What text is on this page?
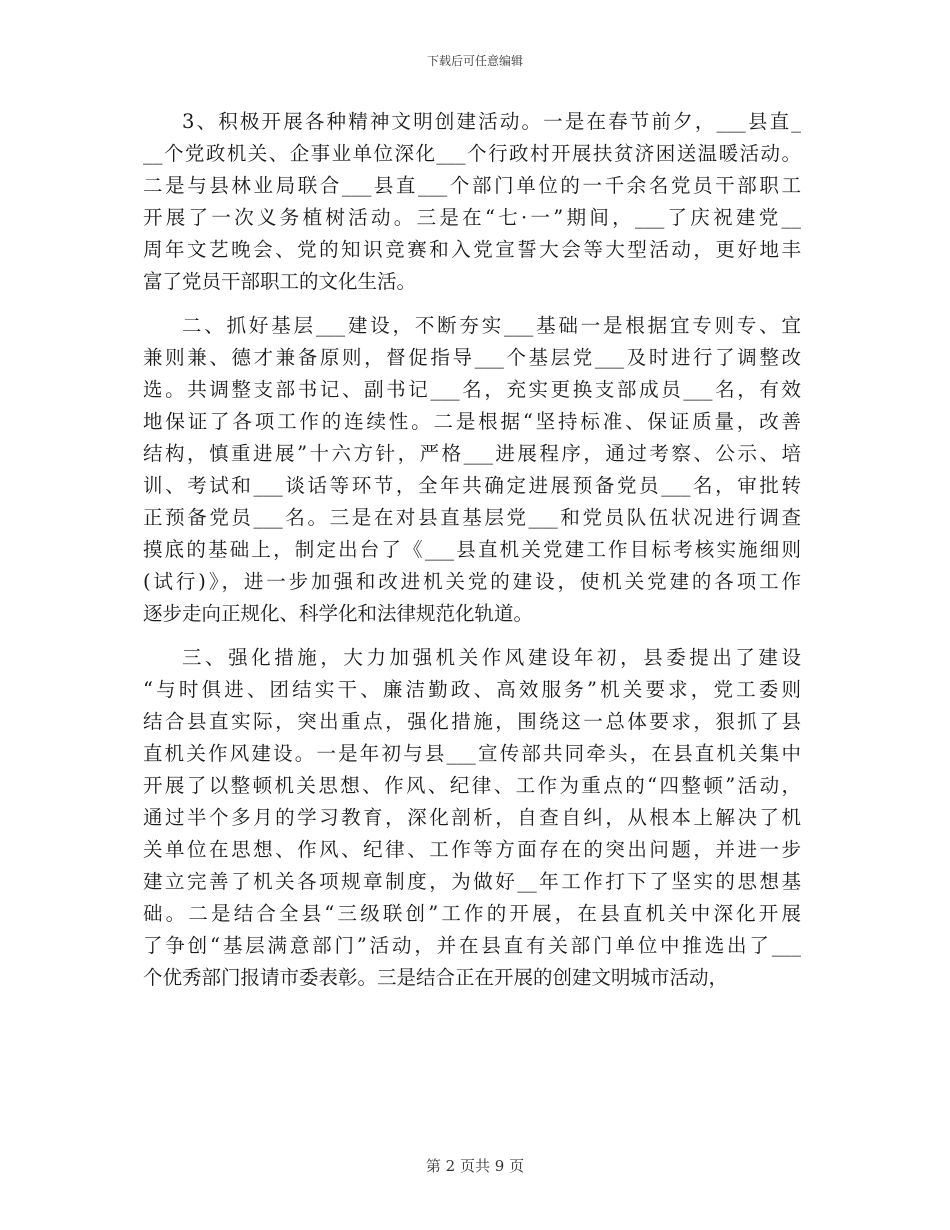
下载后可任意编辑
3、积极开展各种精神文明创建活动。一是在春节前夕，___县直_
__个党政机关、企事业单位深化___个行政村开展扶贫济困送温暖活动。
二是与县林业局联合___县直___个部门单位的一千余名党员干部职工
开展了一次义务植树活动。三是在“七·一”期间，___了庆祝建党__
周年文艺晚会、党的知识竞赛和入党宣誓大会等大型活动，更好地丰
富了党员干部职工的文化生活。
二、抓好基层___建设，不断夯实___基础一是根据宜专则专、宜
兼则兼、德才兼备原则，督促指导___个基层党___及时进行了调整改
选。共调整支部书记、副书记___名，充实更换支部成员___名，有效
地保证了各项工作的连续性。二是根据“坚持标准、保证质量，改善
结构，慎重进展”十六方针，严格___进展程序，通过考察、公示、培
训、考试和___谈话等环节，全年共确定进展预备党员___名，审批转
正预备党员___名。三是在对县直基层党___和党员队伍状况进行调查
摸底的基础上，制定出台了《___县直机关党建工作目标考核实施细则
(试行)》，进一步加强和改进机关党的建设，使机关党建的各项工作
逐步走向正规化、科学化和法律规范化轨道。
三、强化措施，大力加强机关作风建设年初，县委提出了建设
“与时俱进、团结实干、廉洁勤政、高效服务”机关要求，党工委则
结合县直实际，突出重点，强化措施，围绕这一总体要求，狠抓了县
直机关作风建设。一是年初与县___宣传部共同牵头，在县直机关集中
开展了以整顿机关思想、作风、纪律、工作为重点的“四整顿”活动，
通过半个多月的学习教育，深化剖析，自查自纠，从根本上解决了机
关单位在思想、作风、纪律、工作等方面存在的突出问题，并进一步
建立完善了机关各项规章制度，为做好__年工作打下了坚实的思想基
础。二是结合全县“三级联创”工作的开展，在县直机关中深化开展
了争创“基层满意部门”活动，并在县直有关部门单位中推选出了___
个优秀部门报请市委表彰。三是结合正在开展的创建文明城市活动，
第 2 页共 9 页
